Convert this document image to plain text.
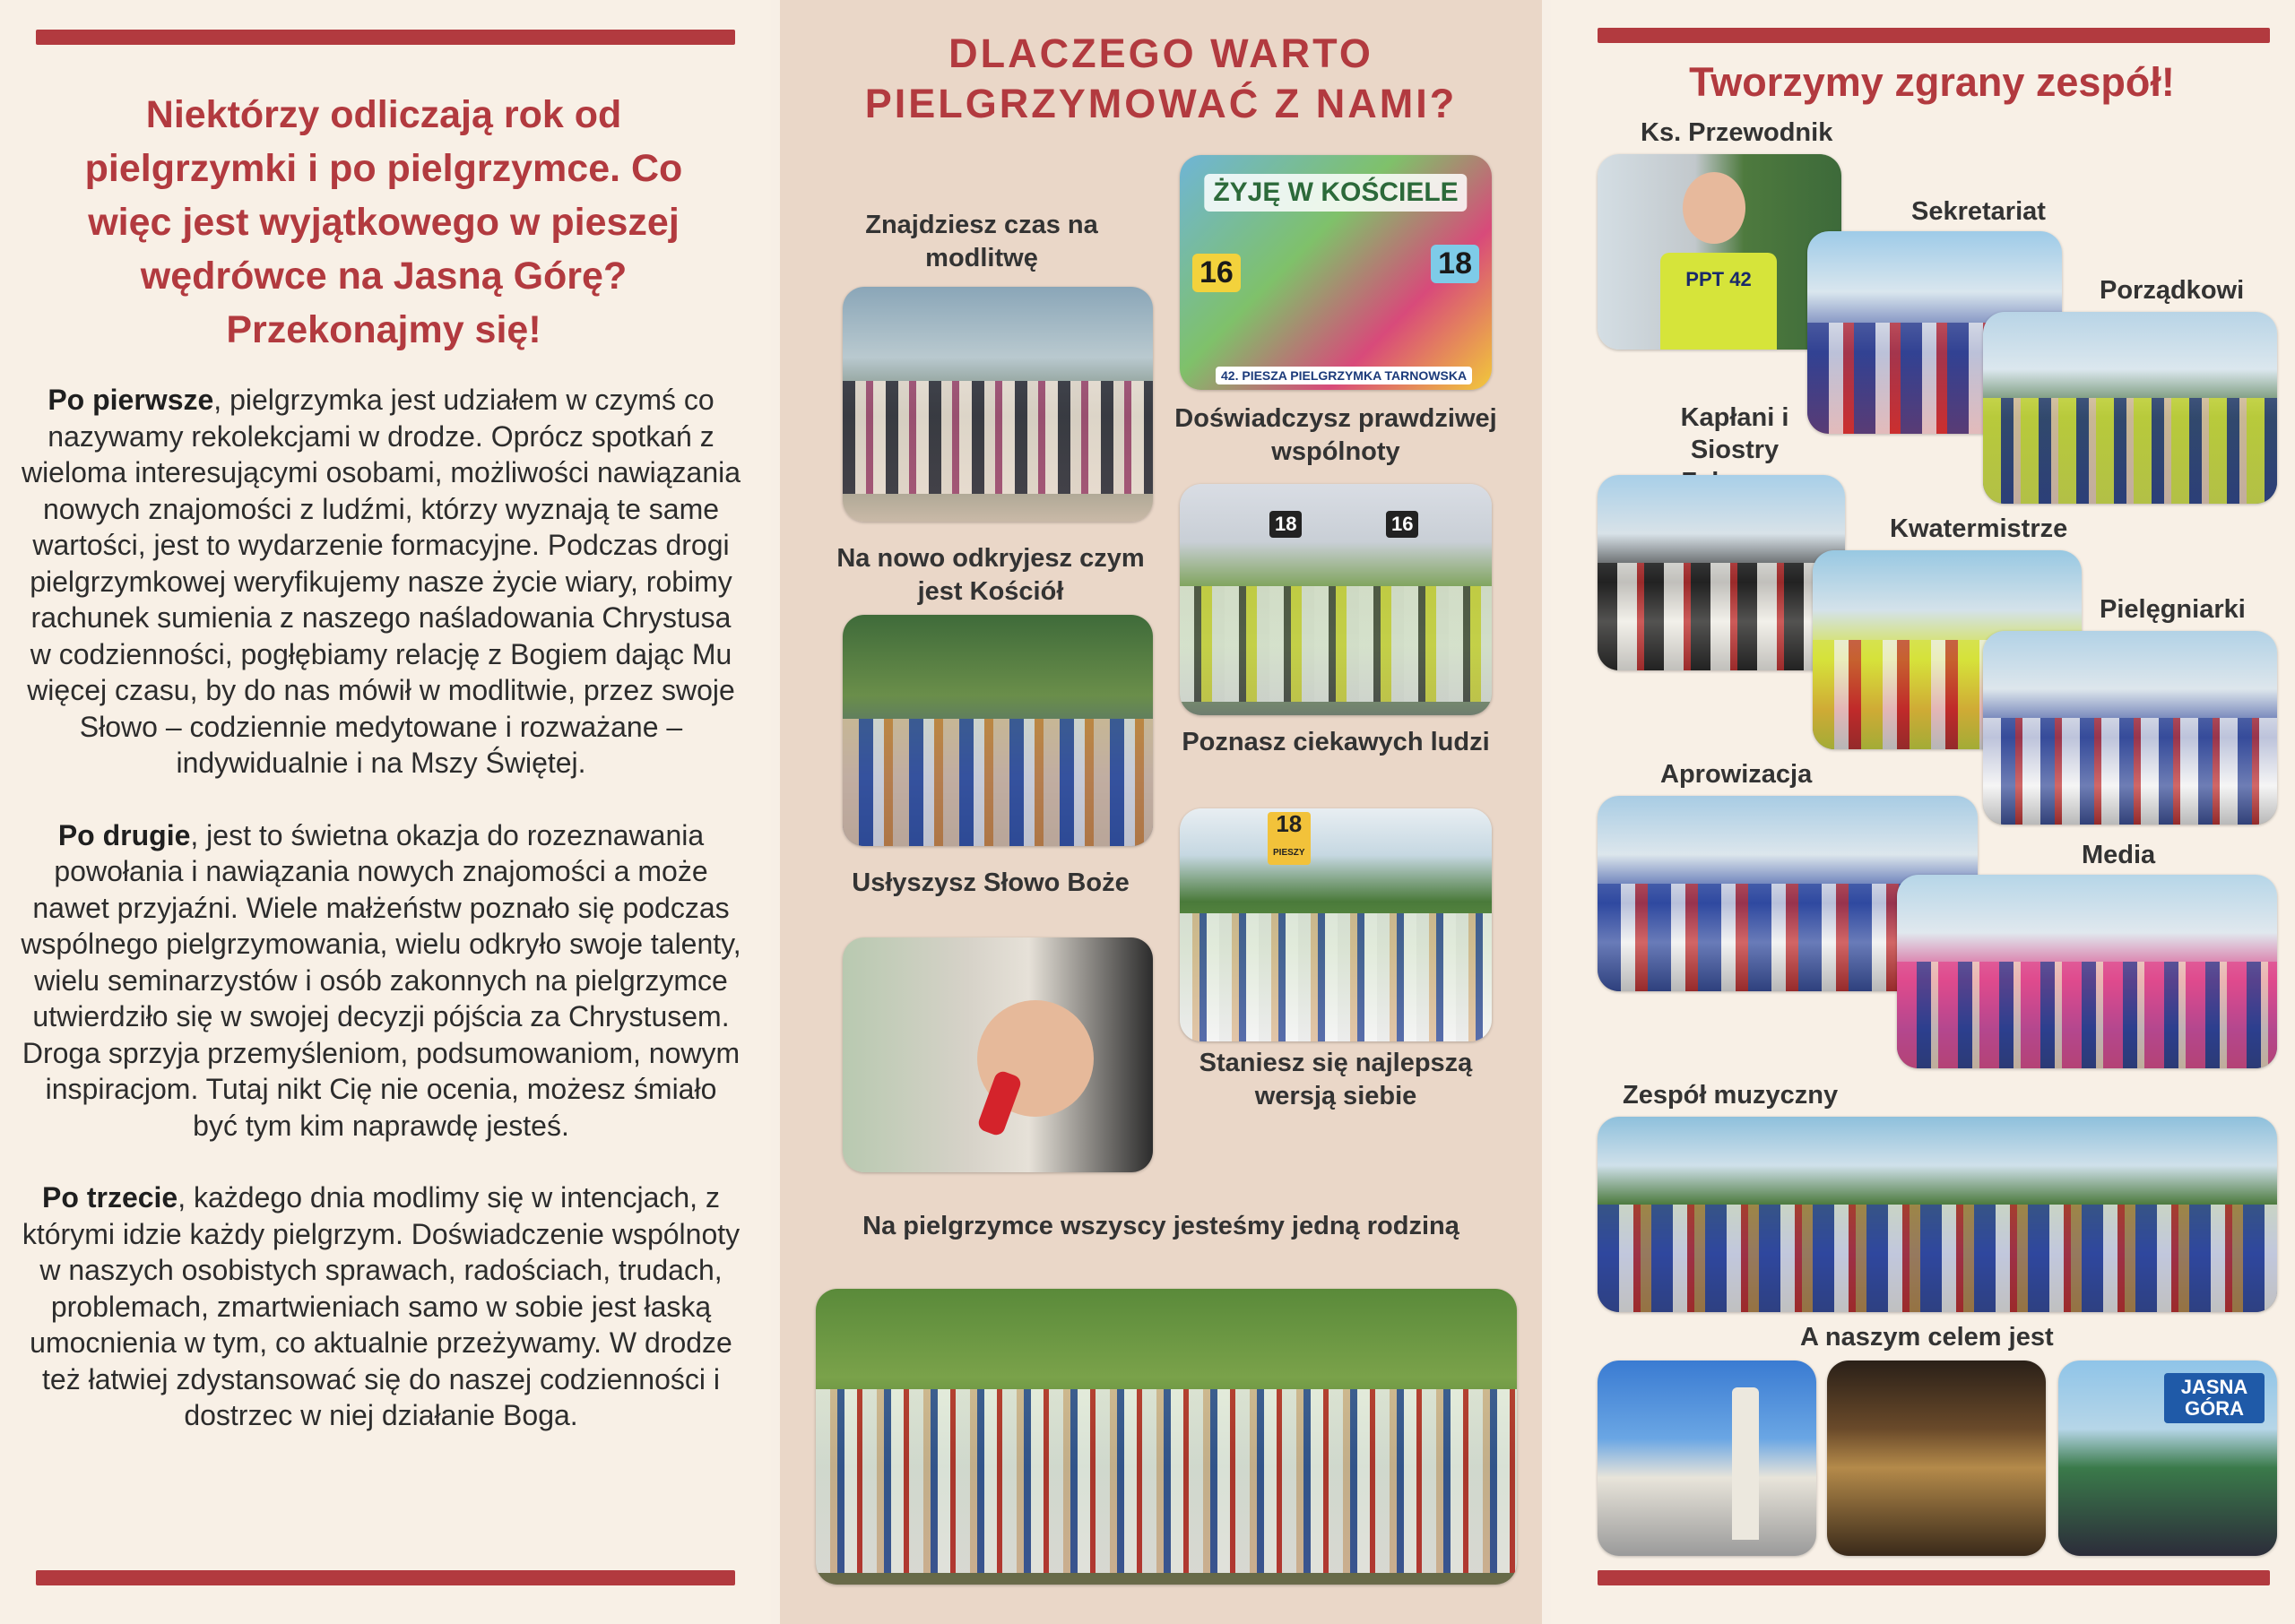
Niektórzy odliczają rok od pielgrzymki i po pielgrzymce. Co więc jest wyjątkowego w pieszej wędrówce na Jasną Górę? Przekonajmy się!

Po pierwsze, pielgrzymka jest udziałem w czymś co nazywamy rekolekcjami w drodze. Oprócz spotkań z wieloma interesującymi osobami, możliwości nawiązania nowych znajomości z ludźmi, którzy wyznają te same wartości, jest to wydarzenie formacyjne. Podczas drogi pielgrzymkowej weryfikujemy nasze życie wiary, robimy rachunek sumienia z naszego naśladowania Chrystusa w codzienności, pogłębiamy relację z Bogiem dając Mu więcej czasu, by do nas mówił w modlitwie, przez swoje Słowo – codziennie medytowane i rozważane – indywidualnie i na Mszy Świętej.

Po drugie, jest to świetna okazja do rozeznawania powołania i nawiązania nowych znajomości a może nawet przyjaźni. Wiele małżeństw poznało się podczas wspólnego pielgrzymowania, wielu odkryło swoje talenty, wielu seminarzystów i osób zakonnych na pielgrzymce utwierdziło się w swojej decyzji pójścia za Chrystusem. Droga sprzyja przemyśleniom, podsumowaniom, nowym inspiracjom. Tutaj nikt Cię nie ocenia, możesz śmiało być tym kim naprawdę jesteś.

Po trzecie, każdego dnia modlimy się w intencjach, z którymi idzie każdy pielgrzym. Doświadczenie wspólnoty w naszych osobistych sprawach, radościach, trudach, problemach, zmartwieniach samo w sobie jest łaską umocnienia w tym, co aktualnie przeżywamy. W drodze też łatwiej zdystansować się do naszej codzienności i dostrzec w niej działanie Boga.

DLACZEGO WARTO
PIELGRZYMOWAĆ Z NAMI?
Znajdziesz czas na modlitwę
ŻYJĘ W KOŚCIELE
16	18
42. PIESZA PIELGRZYMKA TARNOWSKA
Doświadczysz prawdziwej wspólnoty
Na nowo odkryjesz czym jest Kościół
18	16
Poznasz ciekawych ludzi
Usłyszysz Słowo Boże
18
PIESZY
Staniesz się najlepszą wersją siebie
Na pielgrzymce wszyscy jesteśmy jedną rodziną
Tworzymy zgrany zespół!
Ks. Przewodnik
PPT 42
Sekretariat
Porządkowi
Kapłani i Siostry
Kwatermistrze
Pielęgniarki
Aprowizacja
Media
Zespół muzyczny
A naszym celem jest
JASNA GÓRA
